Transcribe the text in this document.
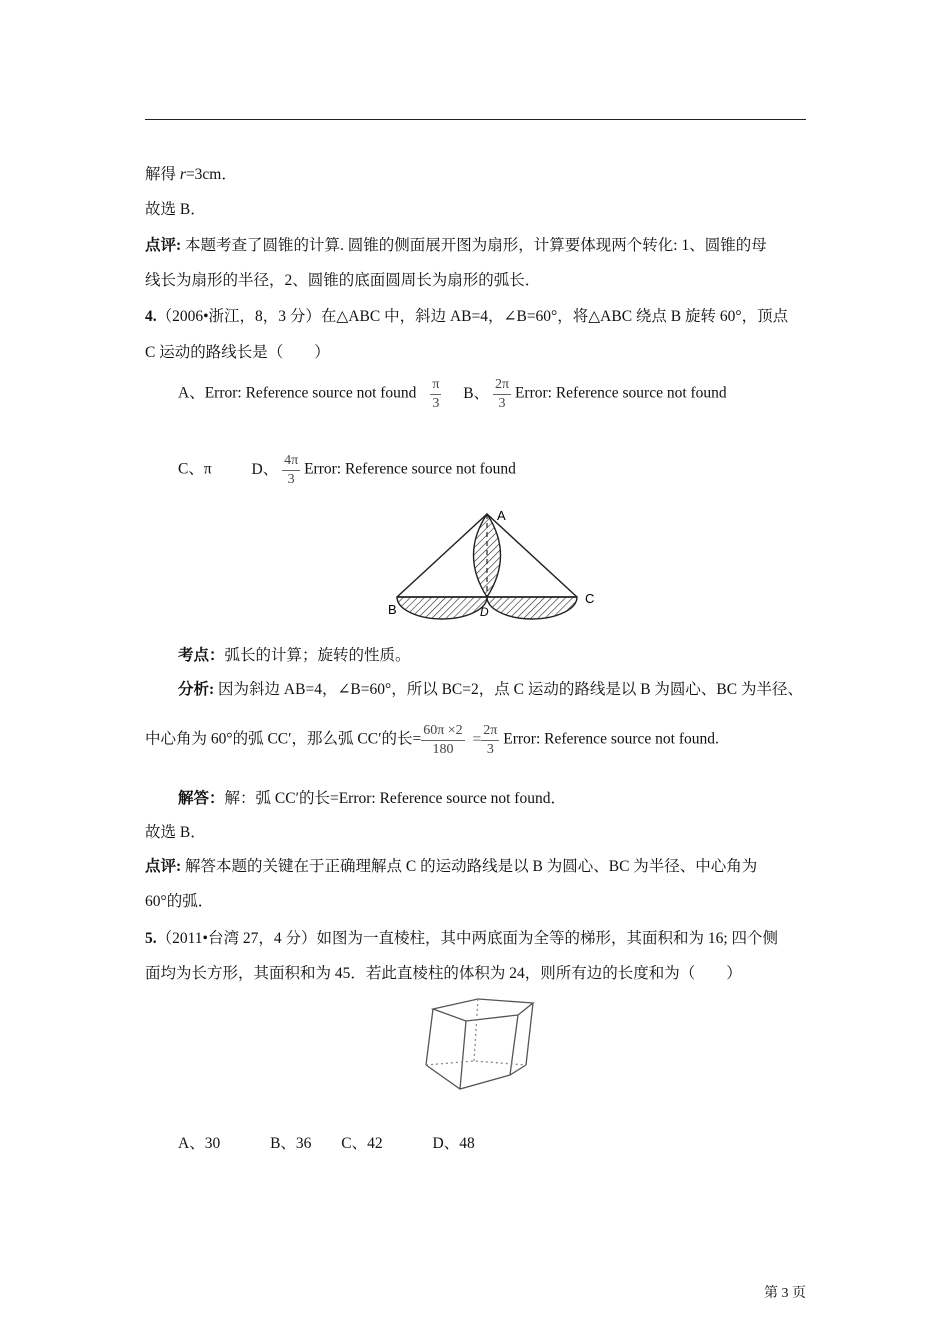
解得 r=3cm．
故选 B．
点评: 本题考查了圆锥的计算. 圆锥的侧面展开图为扇形，计算要体现两个转化: 1、圆锥的母
线长为扇形的半径，2、圆锥的底面圆周长为扇形的弧长．
4.（2006•浙江，8，3 分）在△ABC 中，斜边 AB=4，∠B=60°，将△ABC 绕点 B 旋转 60°，顶点
C 运动的路线长是（　　）
A、Error: Reference source not found $\frac{\pi}{3}$ B、 $\frac{2\pi}{3}$ Error: Reference source not found
C、π	D、 $\frac{4\pi}{3}$ Error: Reference source not found
A
B
C
D
考点：弧长的计算；旋转的性质。
分析: 因为斜边 AB=4，∠B=60°，所以 BC=2，点 C 运动的路线是以 B 为圆心、BC 为半径、
中心角为 60°的弧 CC′，那么弧 CC′的长= $\frac{60\pi \times 2}{180} = \frac{2\pi}{3}$ Error: Reference source not found.
解答：解：弧 CC′的长=Error: Reference source not found．
故选 B．
点评: 解答本题的关键在于正确理解点 C 的运动路线是以 B 为圆心、BC 为半径、中心角为
60°的弧．
5.（2011•台湾 27，4 分）如图为一直棱柱，其中两底面为全等的梯形，其面积和为 16; 四个侧
面均为长方形，其面积和为 45．若此直棱柱的体积为 24，则所有边的长度和为（　　）
A、30	B、36 C、42	D、48
第 3 页
